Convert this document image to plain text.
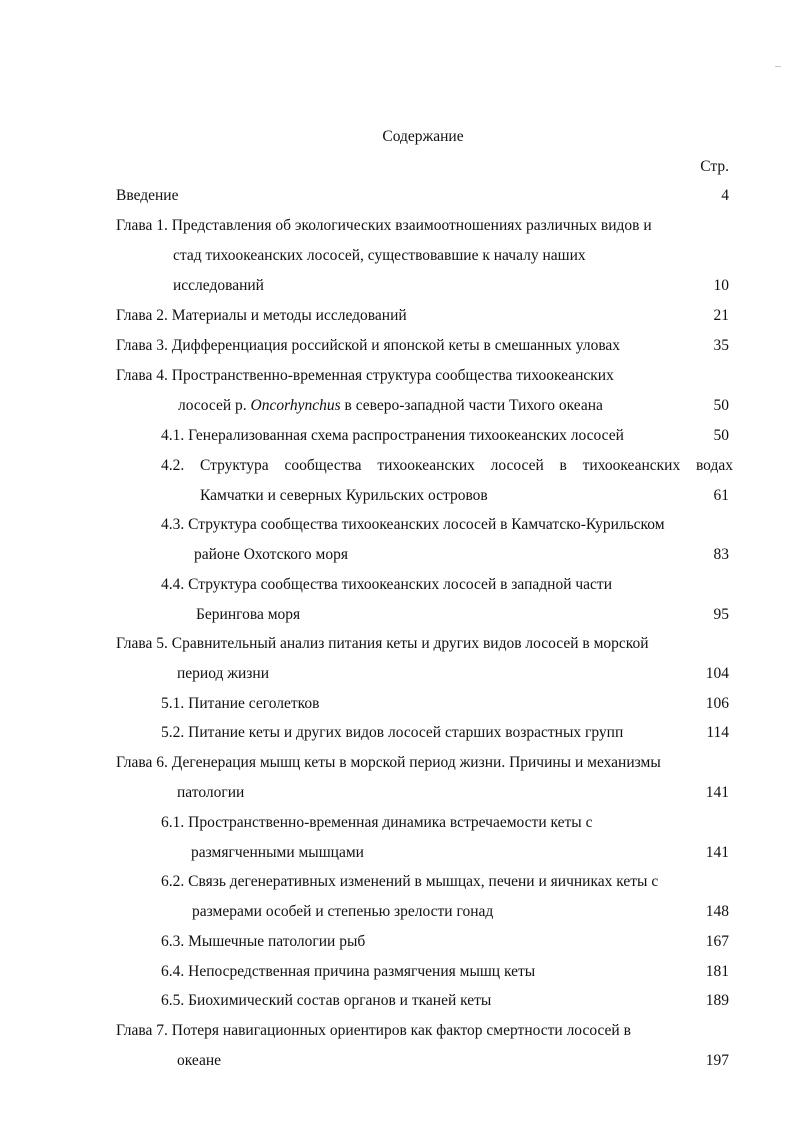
Содержание
Стр.
Введение	4
Глава 1. Представления об экологических взаимоотношениях различных видов и
стад тихоокеанских лососей, существовавшие к началу наших
исследований	10
Глава 2. Материалы и методы исследований	21
Глава 3. Дифференциация российской и японской кеты в смешанных уловах	35
Глава 4. Пространственно-временная структура сообщества тихоокеанских
лососей р. Oncorhynchus в северо-западной части Тихого океана	50
4.1. Генерализованная схема распространения тихоокеанских лососей	50
4.2. Структура сообщества тихоокеанских лососей в тихоокеанских водах
Камчатки и северных Курильских островов	61
4.3. Структура сообщества тихоокеанских лососей в Камчатско-Курильском
районе Охотского моря	83
4.4. Структура сообщества тихоокеанских лососей в западной части
Берингова моря	95
Глава 5. Сравнительный анализ питания кеты и других видов лососей в морской
период жизни	104
5.1. Питание сеголетков	106
5.2. Питание кеты и других видов лососей старших возрастных групп	114
Глава 6. Дегенерация мышц кеты в морской период жизни. Причины и механизмы
патологии	141
6.1. Пространственно-временная динамика встречаемости кеты с
размягченными мышцами	141
6.2. Связь дегенеративных изменений в мышцах, печени и яичниках кеты с
размерами особей и степенью зрелости гонад	148
6.3. Мышечные патологии рыб	167
6.4. Непосредственная причина размягчения мышц кеты	181
6.5. Биохимический состав органов и тканей кеты	189
Глава 7. Потеря навигационных ориентиров как фактор смертности лососей в
океане	197
